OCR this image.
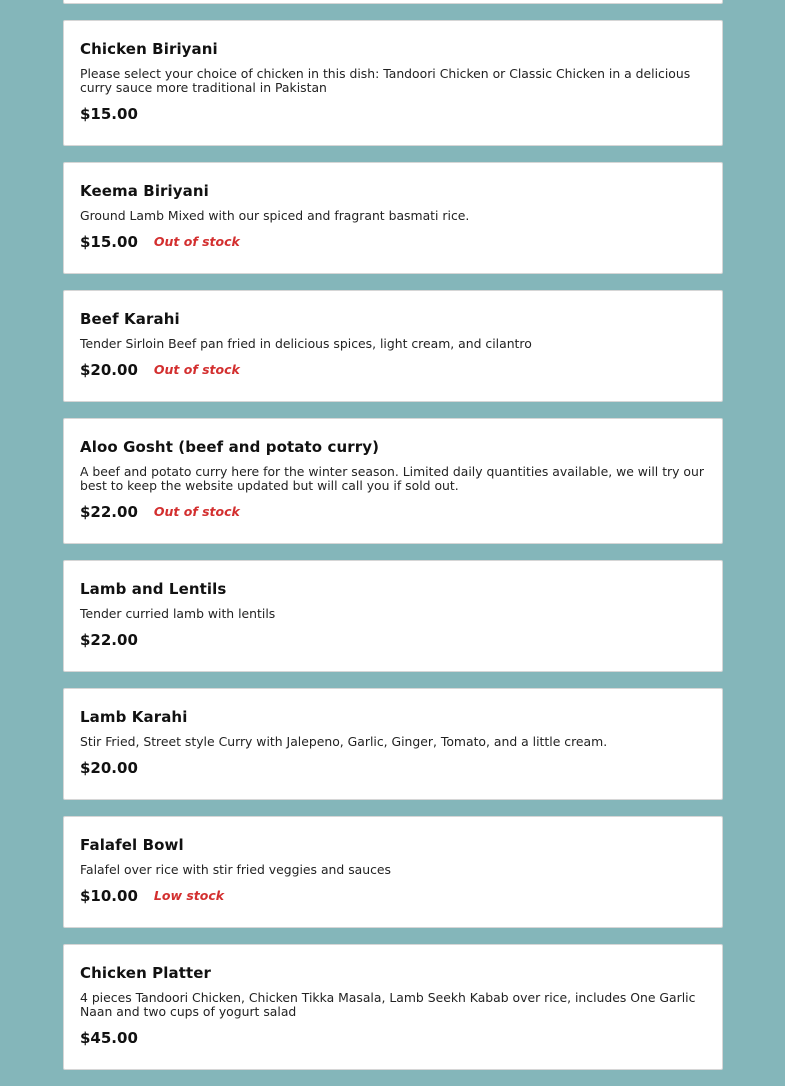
Chicken Biriyani
Please select your choice of chicken in this dish: Tandoori Chicken or Classic Chicken in a delicious curry sauce more traditional in Pakistan
$15.00
Keema Biriyani
Ground Lamb Mixed with our spiced and fragrant basmati rice.
$15.00 Out of stock
Beef Karahi
Tender Sirloin Beef pan fried in delicious spices, light cream, and cilantro
$20.00 Out of stock
Aloo Gosht (beef and potato curry)
A beef and potato curry here for the winter season. Limited daily quantities available, we will try our best to keep the website updated but will call you if sold out.
$22.00 Out of stock
Lamb and Lentils
Tender curried lamb with lentils
$22.00
Lamb Karahi
Stir Fried, Street style Curry with Jalepeno, Garlic, Ginger, Tomato, and a little cream.
$20.00
Falafel Bowl
Falafel over rice with stir fried veggies and sauces
$10.00 Low stock
Chicken Platter
4 pieces Tandoori Chicken, Chicken Tikka Masala, Lamb Seekh Kabab over rice, includes One Garlic Naan and two cups of yogurt salad
$45.00
